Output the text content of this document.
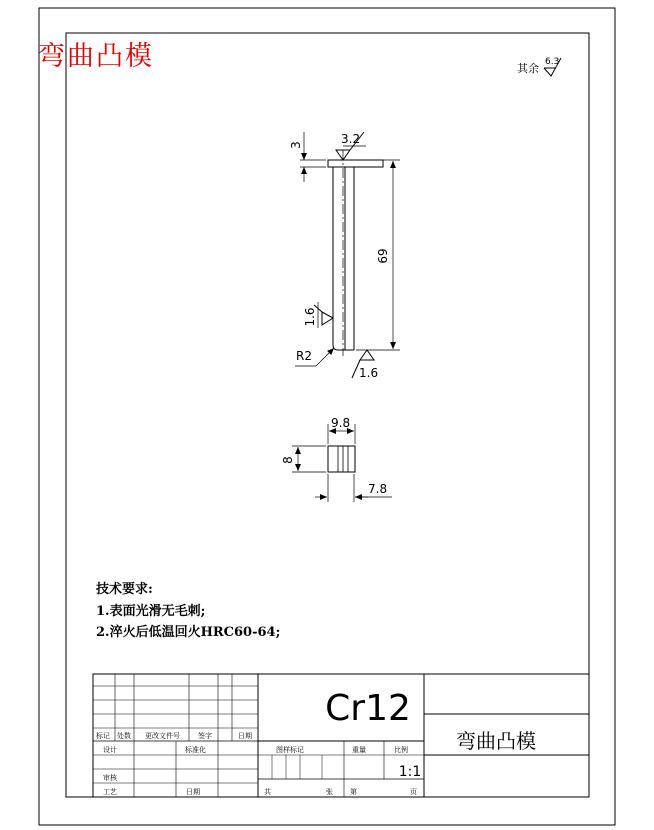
其余 6.3
3	3.2
69
1.6
R2
1.6
9.8
8
7.8
标记 处数 更改文件号	签字	日期
设计	标准化	图样标记	重量	比例
审核
工艺	日期	共	张 第	页
Cr12
弯曲凸模
1:1
弯曲凸模
技术要求:
1.表面光滑无毛刺;
2.淬火后低温回火HRC60-64;
